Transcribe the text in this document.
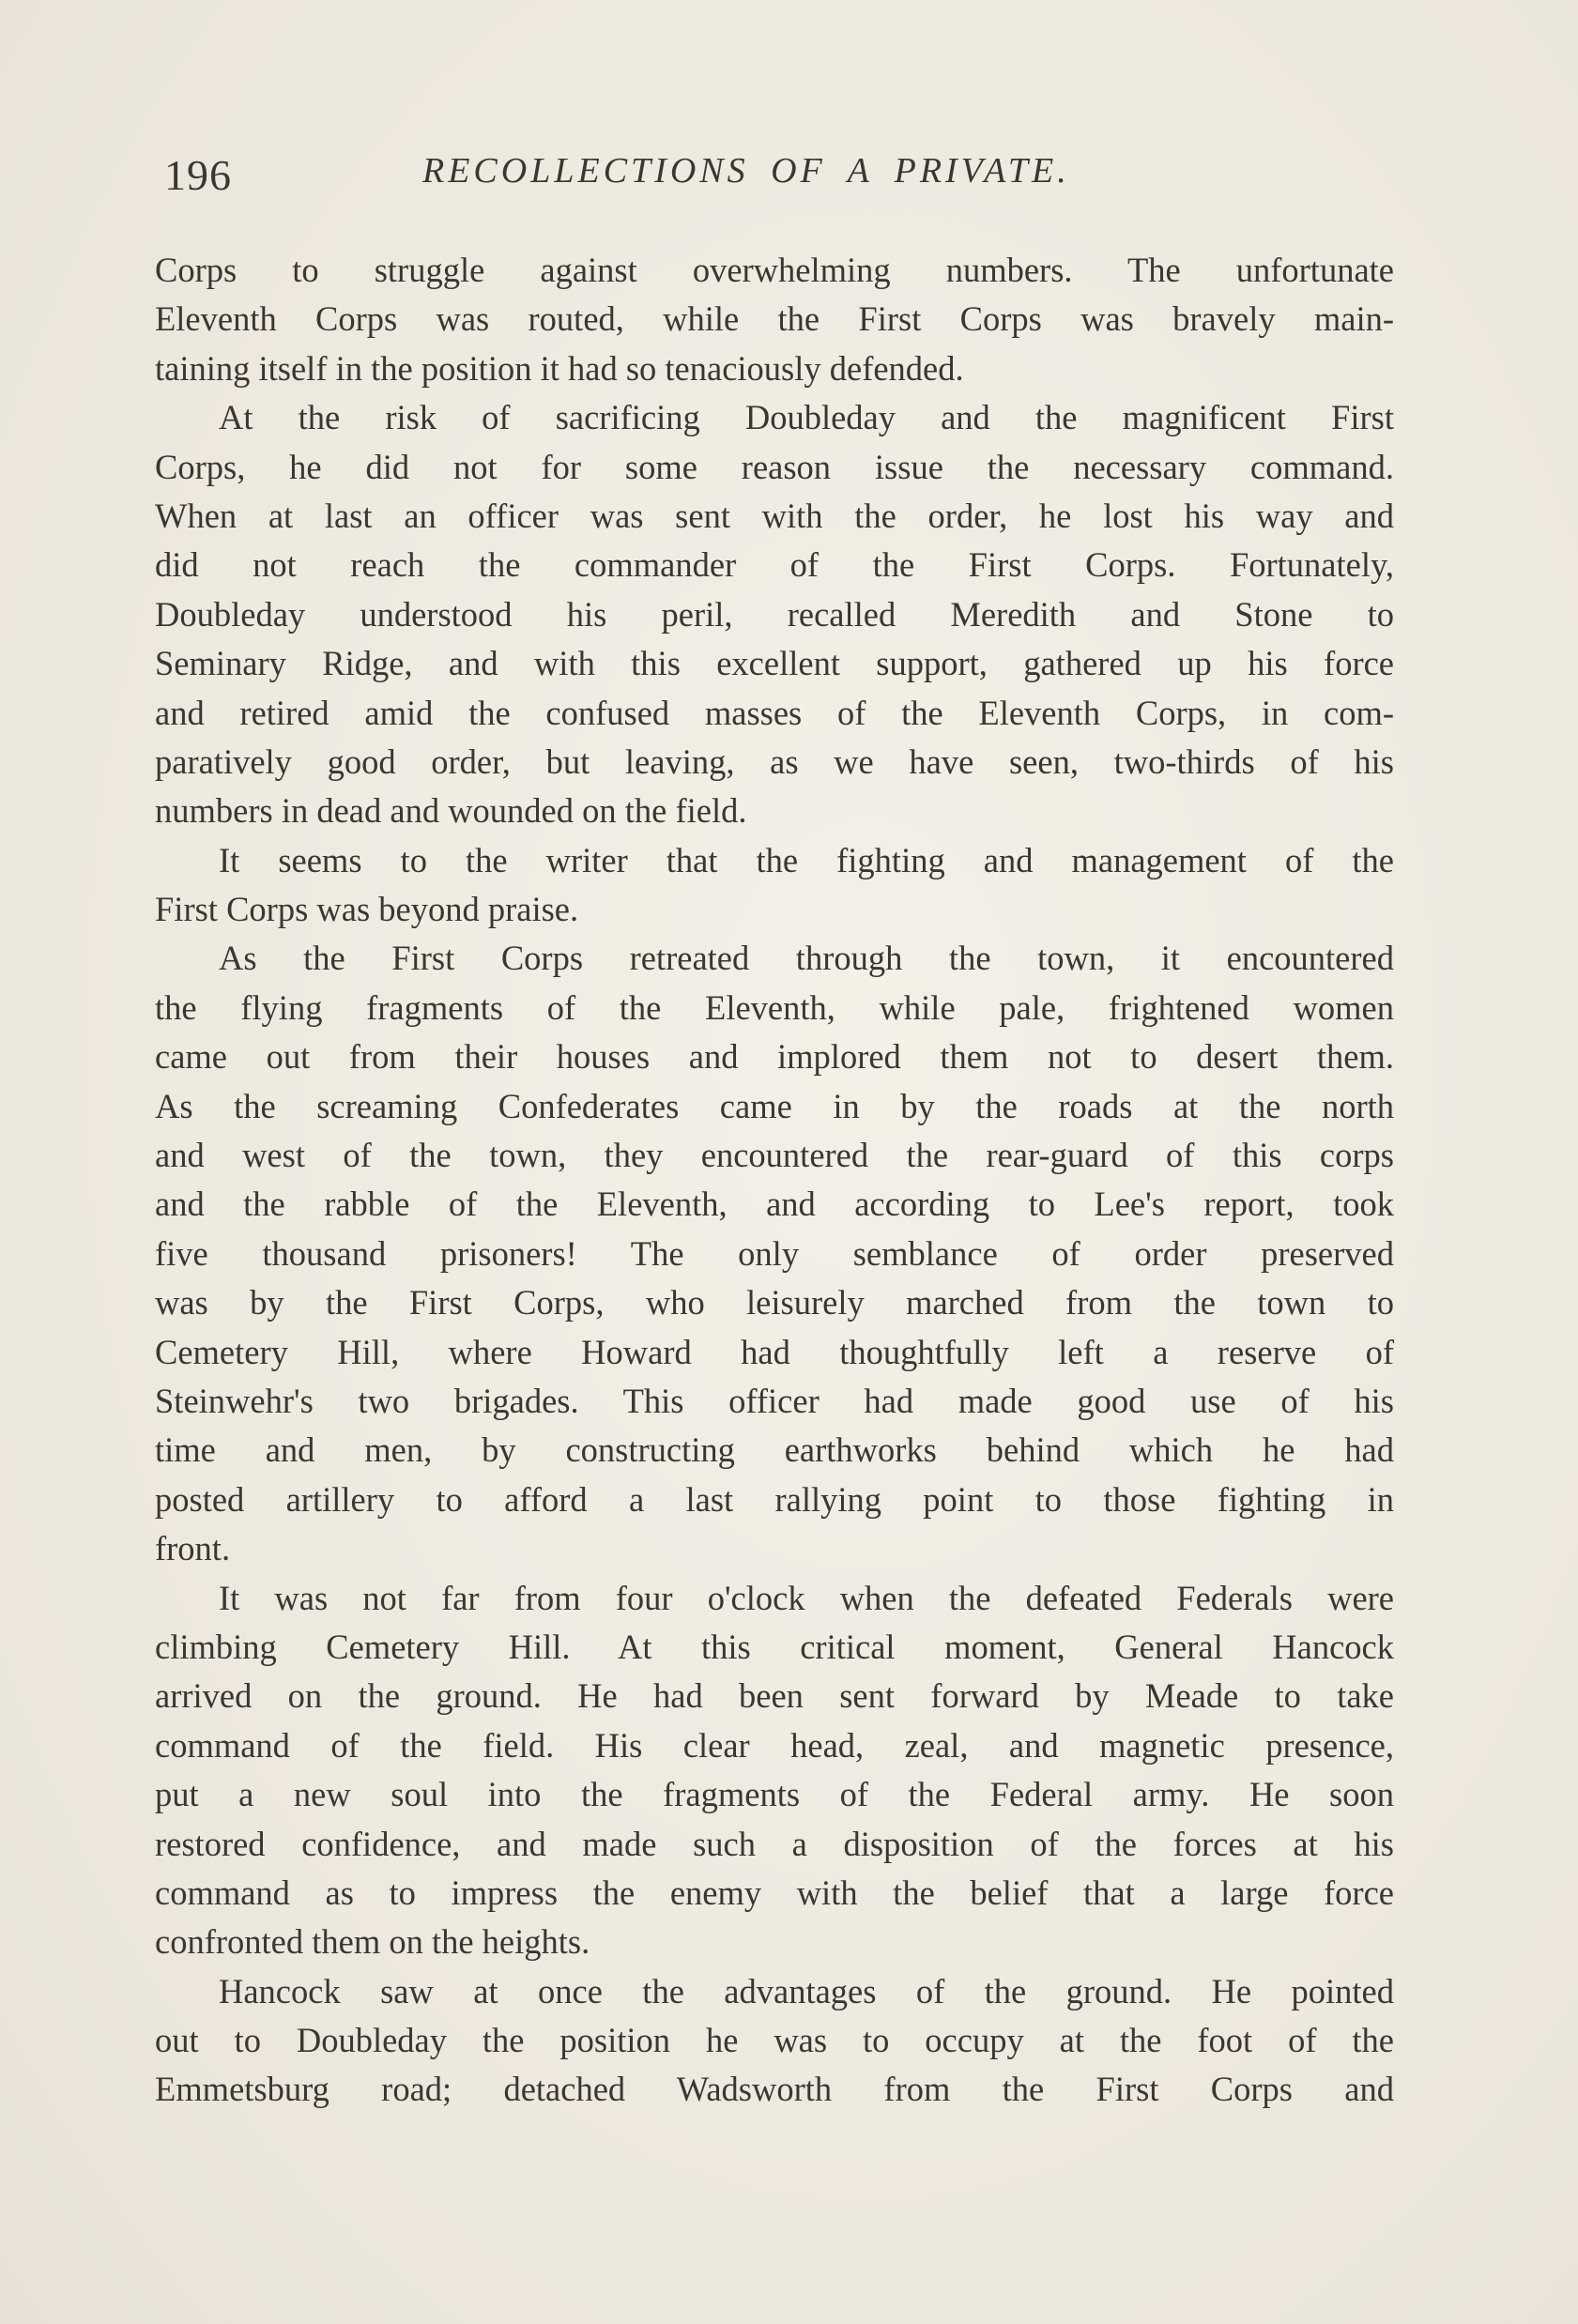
196	RECOLLECTIONS OF A PRIVATE.
Corps to struggle against overwhelming numbers. The unfortunate
Eleventh Corps was routed, while the First Corps was bravely main-
taining itself in the position it had so tenaciously defended.
At the risk of sacrificing Doubleday and the magnificent First
Corps, he did not for some reason issue the necessary command.
When at last an officer was sent with the order, he lost his way and
did not reach the commander of the First Corps. Fortunately,
Doubleday understood his peril, recalled Meredith and Stone to
Seminary Ridge, and with this excellent support, gathered up his force
and retired amid the confused masses of the Eleventh Corps, in com-
paratively good order, but leaving, as we have seen, two-thirds of his
numbers in dead and wounded on the field.
It seems to the writer that the fighting and management of the
First Corps was beyond praise.
As the First Corps retreated through the town, it encountered
the flying fragments of the Eleventh, while pale, frightened women
came out from their houses and implored them not to desert them.
As the screaming Confederates came in by the roads at the north
and west of the town, they encountered the rear-guard of this corps
and the rabble of the Eleventh, and according to Lee's report, took
five thousand prisoners! The only semblance of order preserved
was by the First Corps, who leisurely marched from the town to
Cemetery Hill, where Howard had thoughtfully left a reserve of
Steinwehr's two brigades. This officer had made good use of his
time and men, by constructing earthworks behind which he had
posted artillery to afford a last rallying point to those fighting in
front.
It was not far from four o'clock when the defeated Federals were
climbing Cemetery Hill. At this critical moment, General Hancock
arrived on the ground. He had been sent forward by Meade to take
command of the field. His clear head, zeal, and magnetic presence,
put a new soul into the fragments of the Federal army. He soon
restored confidence, and made such a disposition of the forces at his
command as to impress the enemy with the belief that a large force
confronted them on the heights.
Hancock saw at once the advantages of the ground. He pointed
out to Doubleday the position he was to occupy at the foot of the
Emmetsburg road; detached Wadsworth from the First Corps and
